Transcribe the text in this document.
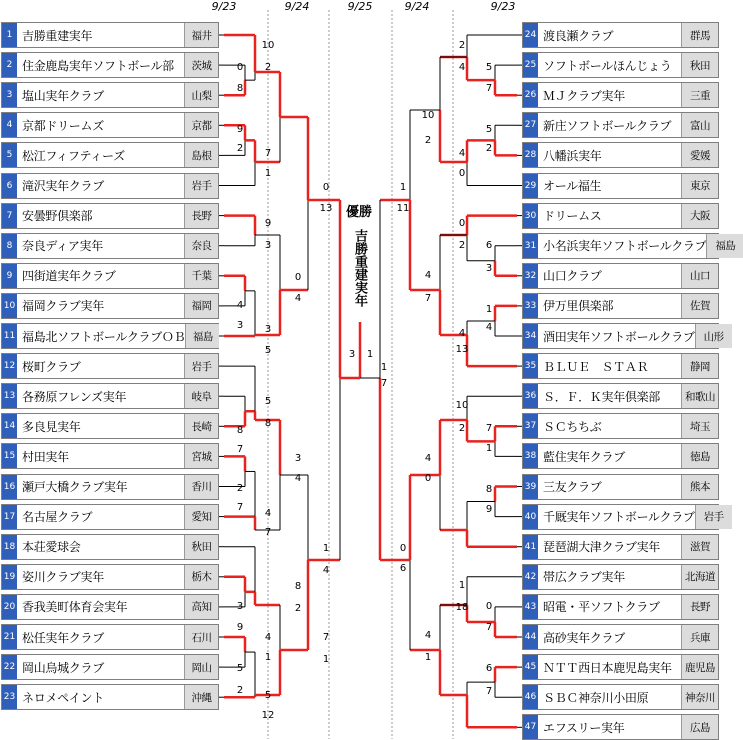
9/23	9/24	9/25	9/24	9/23
優勝
吉勝重建実年
3	1
1 吉勝重建実年	福井
2 住金鹿島実年ソフトボール部	茨城
3 塩山実年クラブ	山梨
4 京都ドリームズ	京都
5 松江フィフティーズ	島根
6 滝沢実年クラブ	岩手
7 安曇野倶楽部	長野
8 奈良ディア実年	奈良
9 四街道実年クラブ	千葉
10 福岡クラブ実年	福岡
11 福島北ソフトボールクラブＯＢ 福島
12 桜町クラブ	岩手
13 各務原フレンズ実年	岐阜
14 多良見実年	長崎
15 村田実年	宮城
16 瀬戸大橋クラブ実年	香川
17 名古屋クラブ	愛知
18 本荘愛球会	秋田
19 姿川クラブ実年	栃木
20 香我美町体育会実年	高知
21 松任実年クラブ	石川
22 岡山烏城クラブ	岡山
23 ネロメペイント	沖縄
24 渡良瀬クラブ	群馬
25 ソフトボールほんじょう	秋田
26 ＭＪクラブ実年	三重
27 新庄ソフトボールクラブ	富山
28 八幡浜実年	愛媛
29 オール福生	東京
30 ドリームス	大阪
31 小名浜実年ソフトボールクラブ 福島
32 山口クラブ	山口
33 伊万里倶楽部	佐賀
34 酒田実年ソフトボールクラブ 山形
35 ＢＬＵＥ　ＳＴＡＲ	静岡
36 Ｓ．Ｆ．Ｋ実年倶楽部	和歌山
37 ＳＣちちぶ	埼玉
38 藍住実年クラブ	徳島
39 三友クラブ	熊本
40 千厩実年ソフトボールクラブ 岩手
41 琵琶湖大津クラブ実年	滋賀
42 帯広クラブ実年	北海道
43 昭電・平ソフトクラブ	長野
44 高砂実年クラブ	兵庫
45 ＮＴＴ西日本鹿児島実年	鹿児島
46 ＳＢＣ神奈川小田原	神奈川
47 エフスリー実年	広島
10
2
0
8
9
2	7
1
9
3
0
4
4
3	3
5
0
13
5
8
8
7
3
4
2
7
4
7
1
4
8
2
3
9
4
1
5
2	5
12
7
1
2
4	5
7
10
2
5
2
4
0
1
11
0
2	6
3
4
7
1
4
13
4
1
7
10
2	7
1
4
0
8
9
0
6
1
18	0
7
4
1
6
7
